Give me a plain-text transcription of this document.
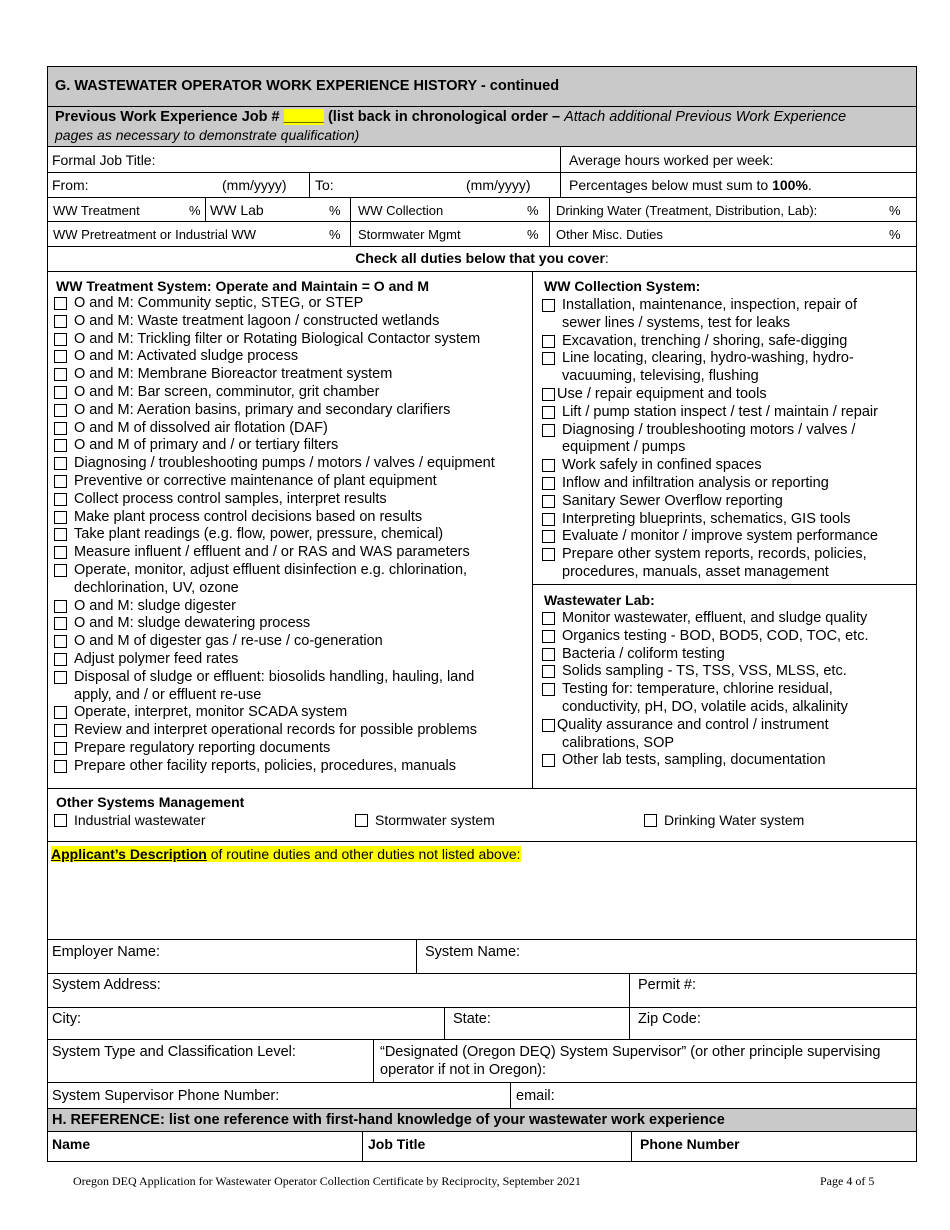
G. WASTEWATER OPERATOR WORK EXPERIENCE HISTORY - continued
Previous Work Experience Job # _____ (list back in chronological order – Attach additional Previous Work Experience
pages as necessary to demonstrate qualification)
Formal Job Title:	Average hours worked per week:
From:	(mm/yyyy) To:	(mm/yyyy)	Percentages below must sum to 100%.
WW Treatment	% WW Lab	% WW Collection	% Drinking Water (Treatment, Distribution, Lab):	%
WW Pretreatment or Industrial WW	% Stormwater Mgmt	% Other Misc. Duties	%
Check all duties below that you cover:
WW Treatment System: Operate and Maintain = O and M
O and M: Community septic, STEG, or STEP
O and M: Waste treatment lagoon / constructed wetlands
O and M: Trickling filter or Rotating Biological Contactor system
O and M: Activated sludge process
O and M: Membrane Bioreactor treatment system
O and M: Bar screen, comminutor, grit chamber
O and M: Aeration basins, primary and secondary clarifiers
O and M of dissolved air flotation (DAF)
O and M of primary and / or tertiary filters
Diagnosing / troubleshooting pumps / motors / valves / equipment
Preventive or corrective maintenance of plant equipment
Collect process control samples, interpret results
Make plant process control decisions based on results
Take plant readings (e.g. flow, power, pressure, chemical)
Measure influent / effluent and / or RAS and WAS parameters
Operate, monitor, adjust effluent disinfection e.g. chlorination,
dechlorination, UV, ozone
O and M: sludge digester
O and M: sludge dewatering process
O and M of digester gas / re-use / co-generation
Adjust polymer feed rates
Disposal of sludge or effluent: biosolids handling, hauling, land
apply, and / or effluent re-use
Operate, interpret, monitor SCADA system
Review and interpret operational records for possible problems
Prepare regulatory reporting documents
Prepare other facility reports, policies, procedures, manuals
WW Collection System:
Installation, maintenance, inspection, repair of
sewer lines / systems, test for leaks
Excavation, trenching / shoring, safe-digging
Line locating, clearing, hydro-washing, hydro-
vacuuming, televising, flushing
Use / repair equipment and tools
Lift / pump station inspect / test / maintain / repair
Diagnosing / troubleshooting motors / valves /
equipment / pumps
Work safely in confined spaces
Inflow and infiltration analysis or reporting
Sanitary Sewer Overflow reporting
Interpreting blueprints, schematics, GIS tools
Evaluate / monitor / improve system performance
Prepare other system reports, records, policies,
procedures, manuals, asset management
Wastewater Lab:
Monitor wastewater, effluent, and sludge quality
Organics testing - BOD, BOD5, COD, TOC, etc.
Bacteria / coliform testing
Solids sampling - TS, TSS, VSS, MLSS, etc.
Testing for: temperature, chlorine residual,
conductivity, pH, DO, volatile acids, alkalinity
Quality assurance and control / instrument
calibrations, SOP
Other lab tests, sampling, documentation
Other Systems Management
Industrial wastewater	Stormwater system	Drinking Water system
Applicant’s Description of routine duties and other duties not listed above:
Employer Name:	System Name:
System Address:	Permit #:
City:	State:	Zip Code:
System Type and Classification Level:	“Designated (Oregon DEQ) System Supervisor” (or other principle supervising
operator if not in Oregon):
System Supervisor Phone Number:	email:
H. REFERENCE: list one reference with first-hand knowledge of your wastewater work experience
Name	Job Title	Phone Number
Oregon DEQ Application for Wastewater Operator Collection Certificate by Reciprocity, September 2021	Page 4 of 5
